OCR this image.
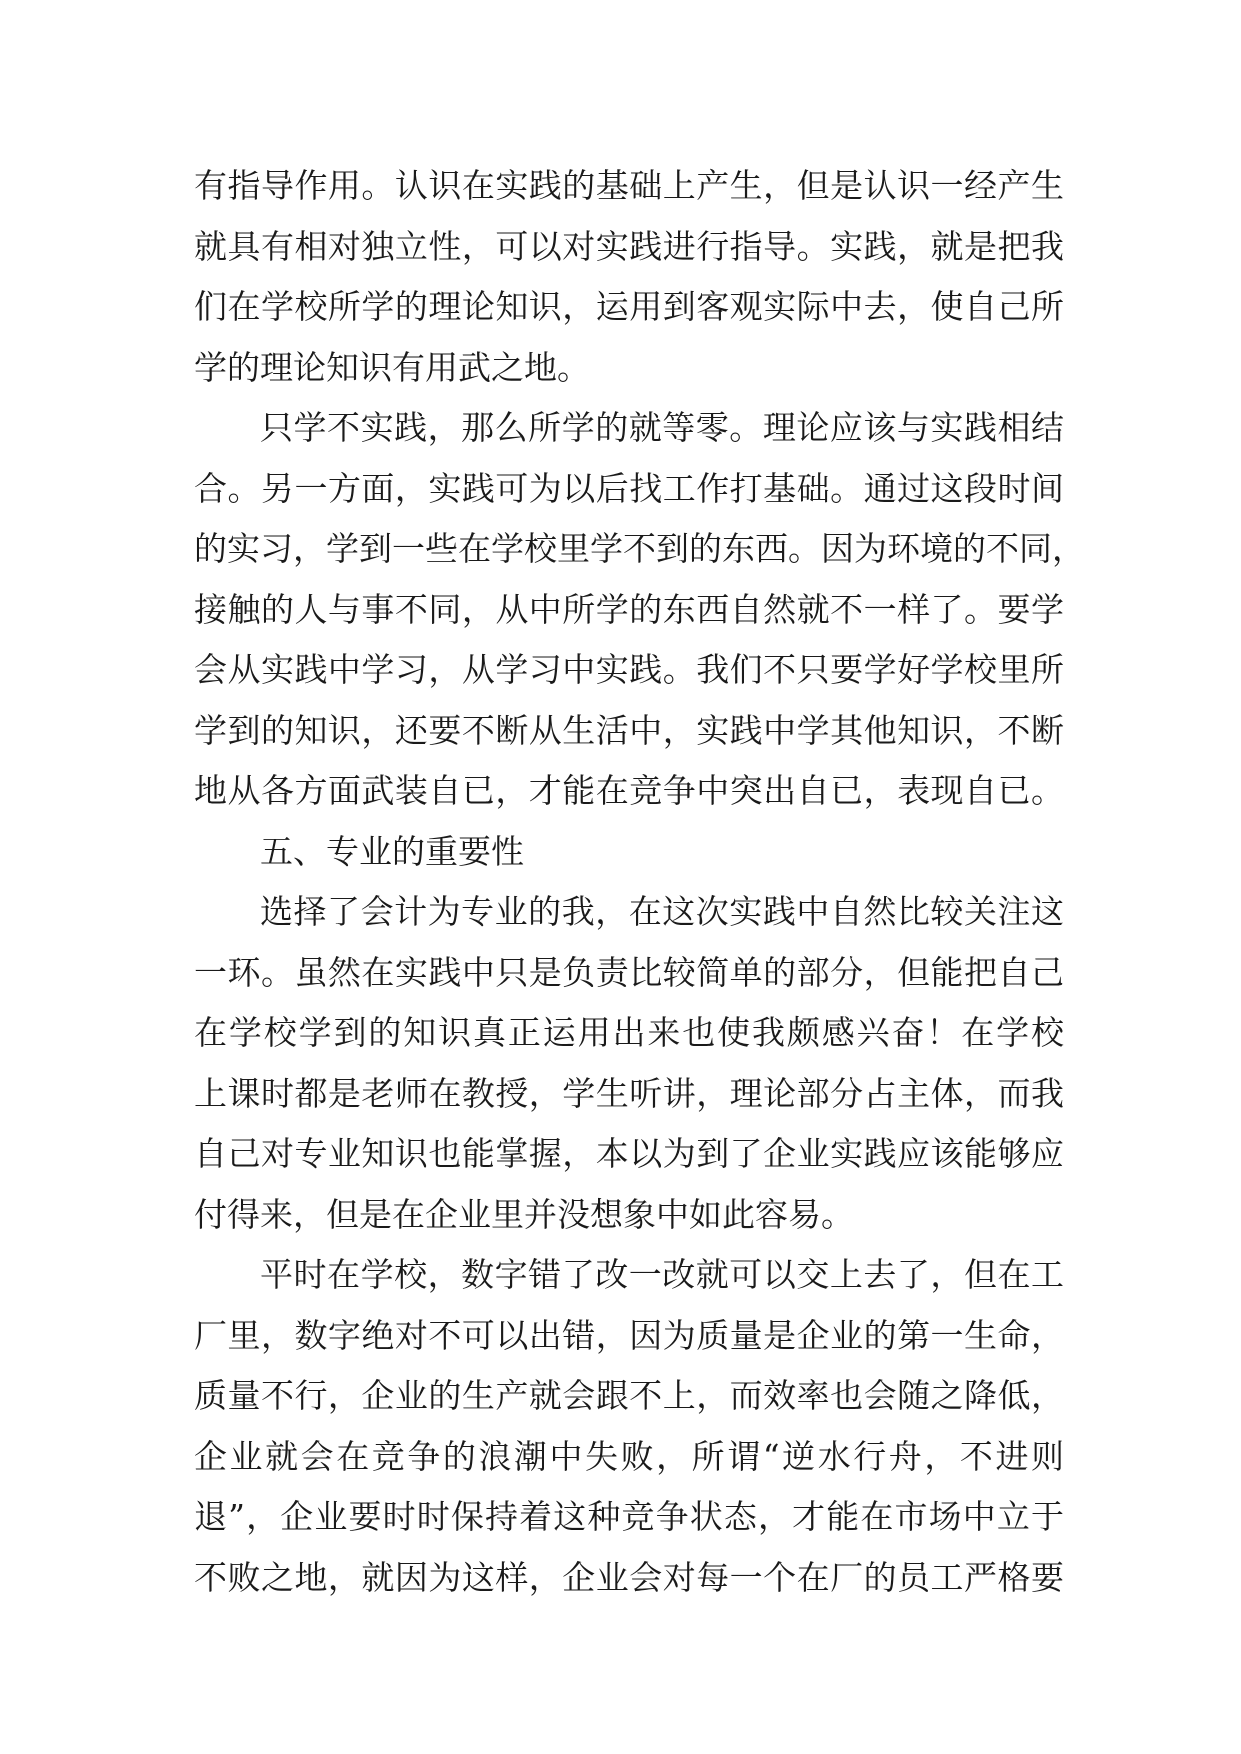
有指导作用。认识在实践的基础上产生，但是认识一经产生
就具有相对独立性，可以对实践进行指导。实践，就是把我
们在学校所学的理论知识，运用到客观实际中去，使自己所
学的理论知识有用武之地。
只学不实践，那么所学的就等零。理论应该与实践相结
合。另一方面，实践可为以后找工作打基础。通过这段时间
的实习，学到一些在学校里学不到的东西。因为环境的不同，
接触的人与事不同，从中所学的东西自然就不一样了。要学
会从实践中学习，从学习中实践。我们不只要学好学校里所
学到的知识，还要不断从生活中，实践中学其他知识，不断
地从各方面武装自已，才能在竞争中突出自已，表现自已。
五、专业的重要性
选择了会计为专业的我，在这次实践中自然比较关注这
一环。虽然在实践中只是负责比较简单的部分，但能把自己
在学校学到的知识真正运用出来也使我颇感兴奋！在学校
上课时都是老师在教授，学生听讲，理论部分占主体，而我
自己对专业知识也能掌握，本以为到了企业实践应该能够应
付得来，但是在企业里并没想象中如此容易。
平时在学校，数字错了改一改就可以交上去了，但在工
厂里，数字绝对不可以出错，因为质量是企业的第一生命，
质量不行，企业的生产就会跟不上，而效率也会随之降低，
企业就会在竞争的浪潮中失败，所谓“逆水行舟，不进则
退”，企业要时时保持着这种竞争状态，才能在市场中立于
不败之地，就因为这样，企业会对每一个在厂的员工严格要
